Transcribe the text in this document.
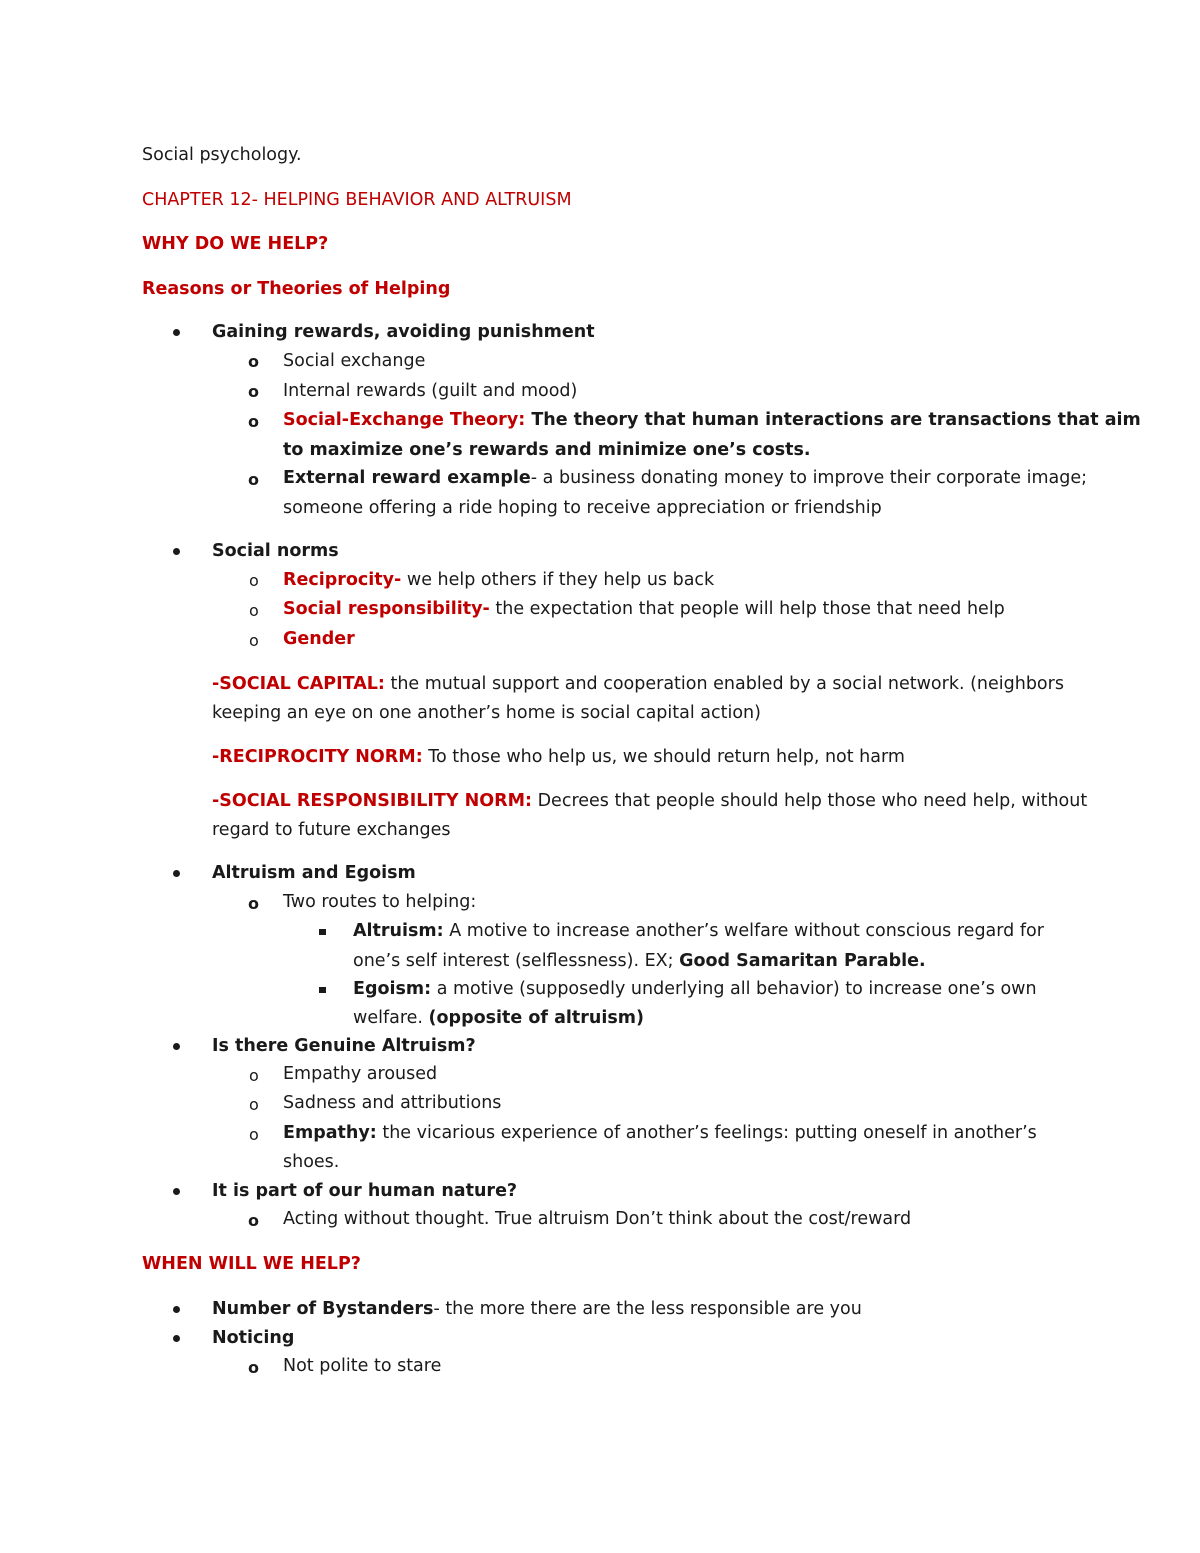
Social psychology.
CHAPTER 12- HELPING BEHAVIOR AND ALTRUISM
WHY DO WE HELP?
Reasons or Theories of Helping
Gaining rewards, avoiding punishment
o Social exchange
o Internal rewards (guilt and mood)
o Social-Exchange Theory: The theory that human interactions are transactions that aim
to maximize one’s rewards and minimize one’s costs.
o External reward example- a business donating money to improve their corporate image;
someone offering a ride hoping to receive appreciation or friendship
Social norms
o Reciprocity- we help others if they help us back
o Social responsibility- the expectation that people will help those that need help
o Gender
-SOCIAL CAPITAL: the mutual support and cooperation enabled by a social network. (neighbors
keeping an eye on one another’s home is social capital action)
-RECIPROCITY NORM: To those who help us, we should return help, not harm
-SOCIAL RESPONSIBILITY NORM: Decrees that people should help those who need help, without
regard to future exchanges
Altruism and Egoism
o Two routes to helping:
Altruism: A motive to increase another’s welfare without conscious regard for
one’s self interest (selflessness). EX; Good Samaritan Parable.
Egoism: a motive (supposedly underlying all behavior) to increase one’s own
welfare. (opposite of altruism)
Is there Genuine Altruism?
o Empathy aroused
o Sadness and attributions
o Empathy: the vicarious experience of another’s feelings: putting oneself in another’s
shoes.
It is part of our human nature?
o Acting without thought. True altruism Don’t think about the cost/reward
WHEN WILL WE HELP?
Number of Bystanders- the more there are the less responsible are you
Noticing
o Not polite to stare
